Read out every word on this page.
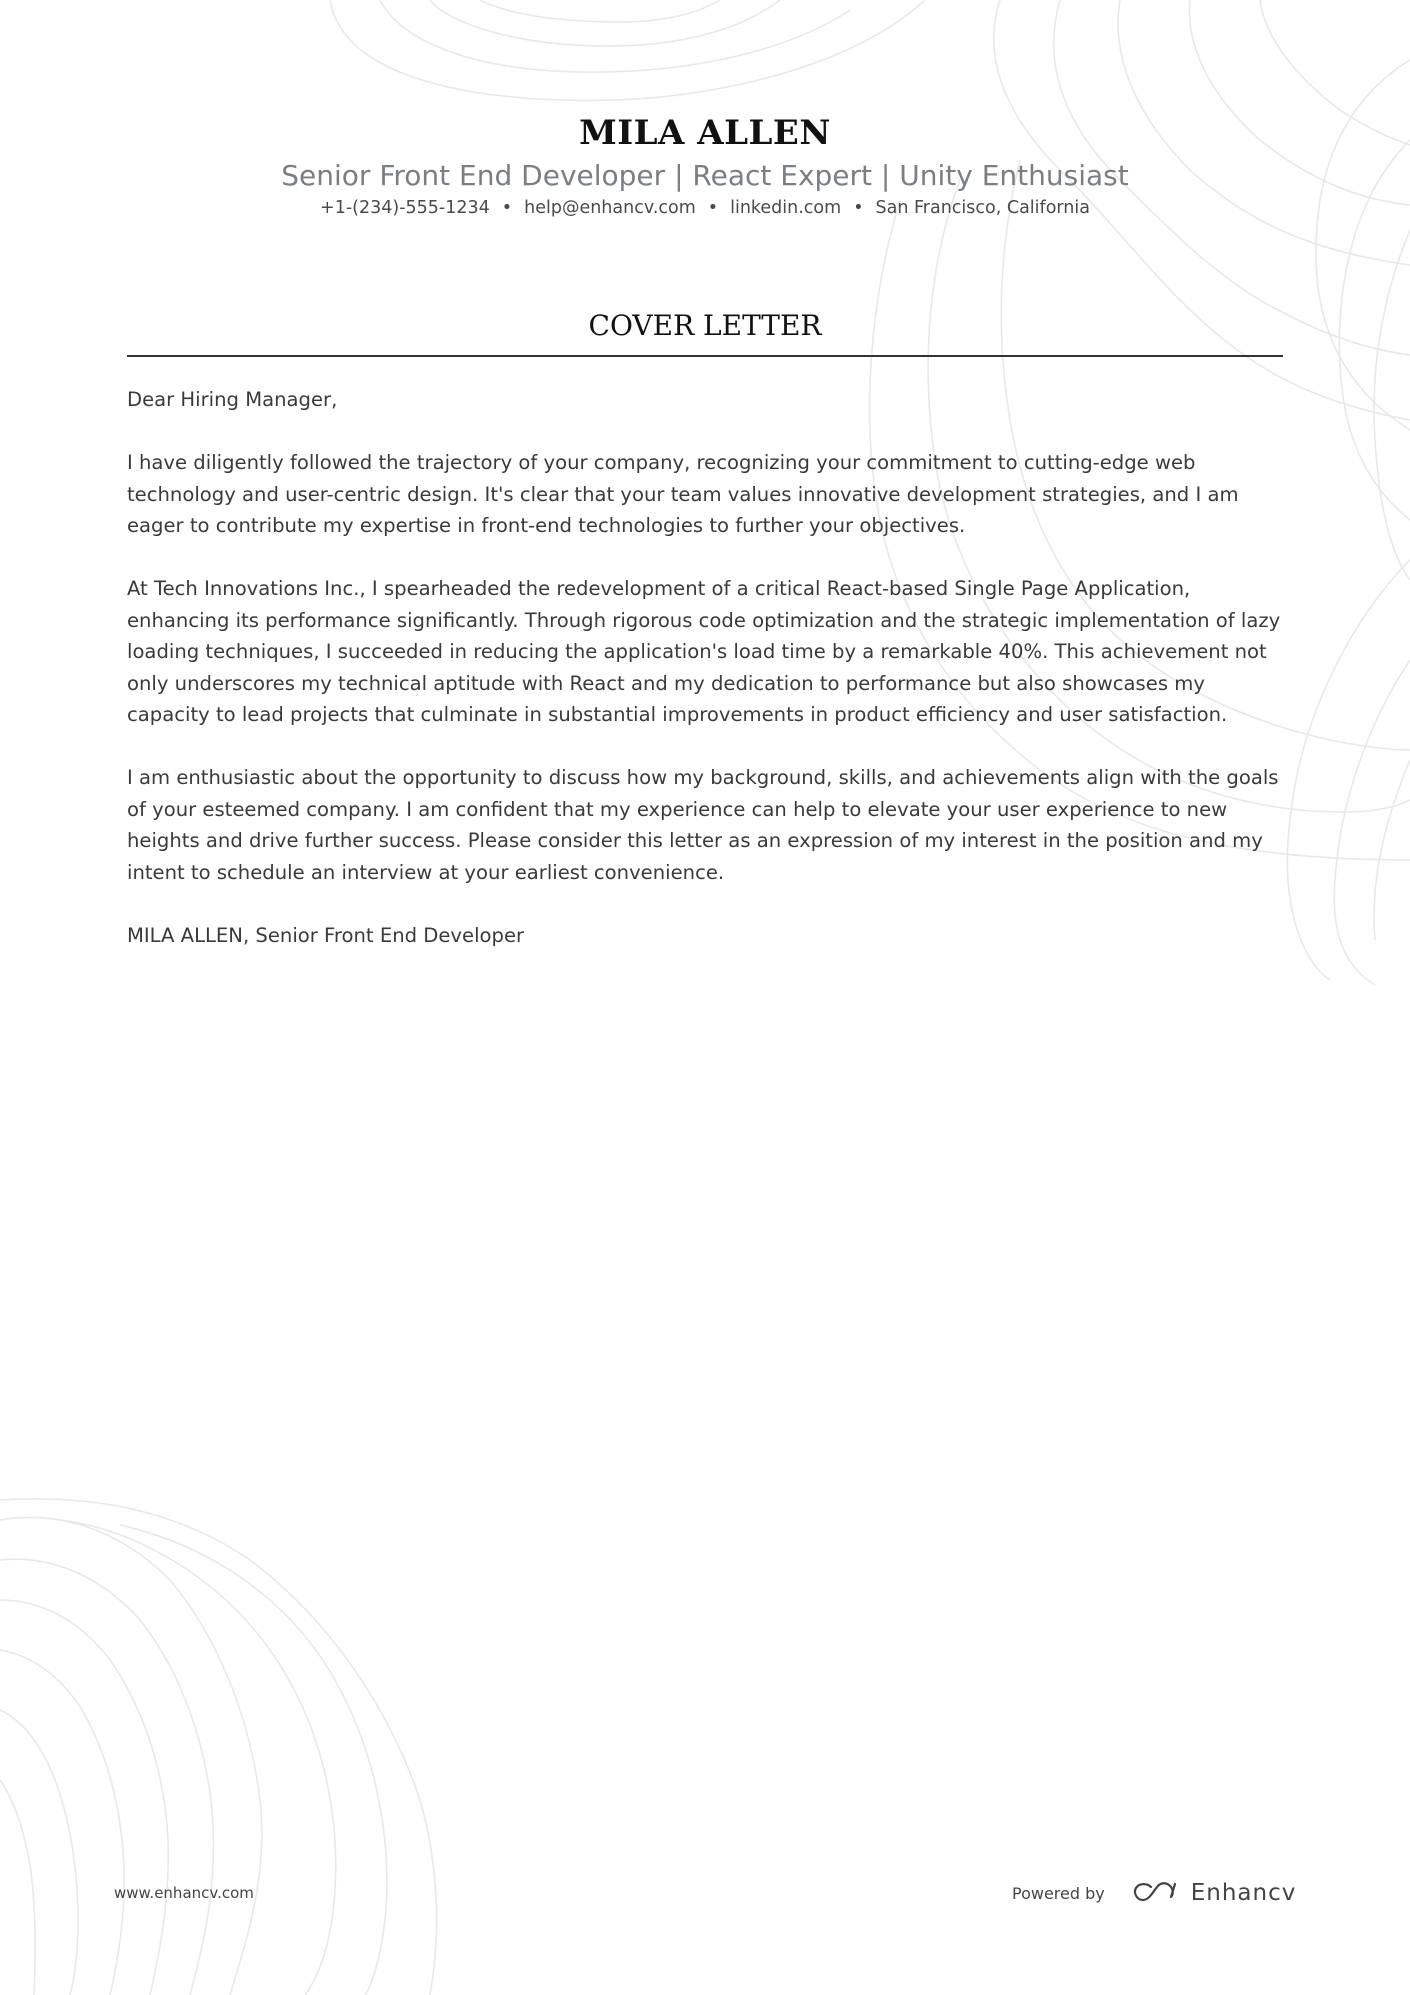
MILA ALLEN
Senior Front End Developer | React Expert | Unity Enthusiast
+1-(234)-555-1234 • help@enhancv.com • linkedin.com • San Francisco, California
COVER LETTER

Dear Hiring Manager,

I have diligently followed the trajectory of your company, recognizing your commitment to cutting-edge web technology and user-centric design. It's clear that your team values innovative development strategies, and I am eager to contribute my expertise in front-end technologies to further your objectives.

At Tech Innovations Inc., I spearheaded the redevelopment of a critical React-based Single Page Application, enhancing its performance significantly. Through rigorous code optimization and the strategic implementation of lazy loading techniques, I succeeded in reducing the application's load time by a remarkable 40%. This achievement not only underscores my technical aptitude with React and my dedication to performance but also showcases my capacity to lead projects that culminate in substantial improvements in product efficiency and user satisfaction.

I am enthusiastic about the opportunity to discuss how my background, skills, and achievements align with the goals of your esteemed company. I am confident that my experience can help to elevate your user experience to new heights and drive further success. Please consider this letter as an expression of my interest in the position and my intent to schedule an interview at your earliest convenience.

MILA ALLEN, Senior Front End Developer

www.enhancv.com	Powered by	Enhancv
